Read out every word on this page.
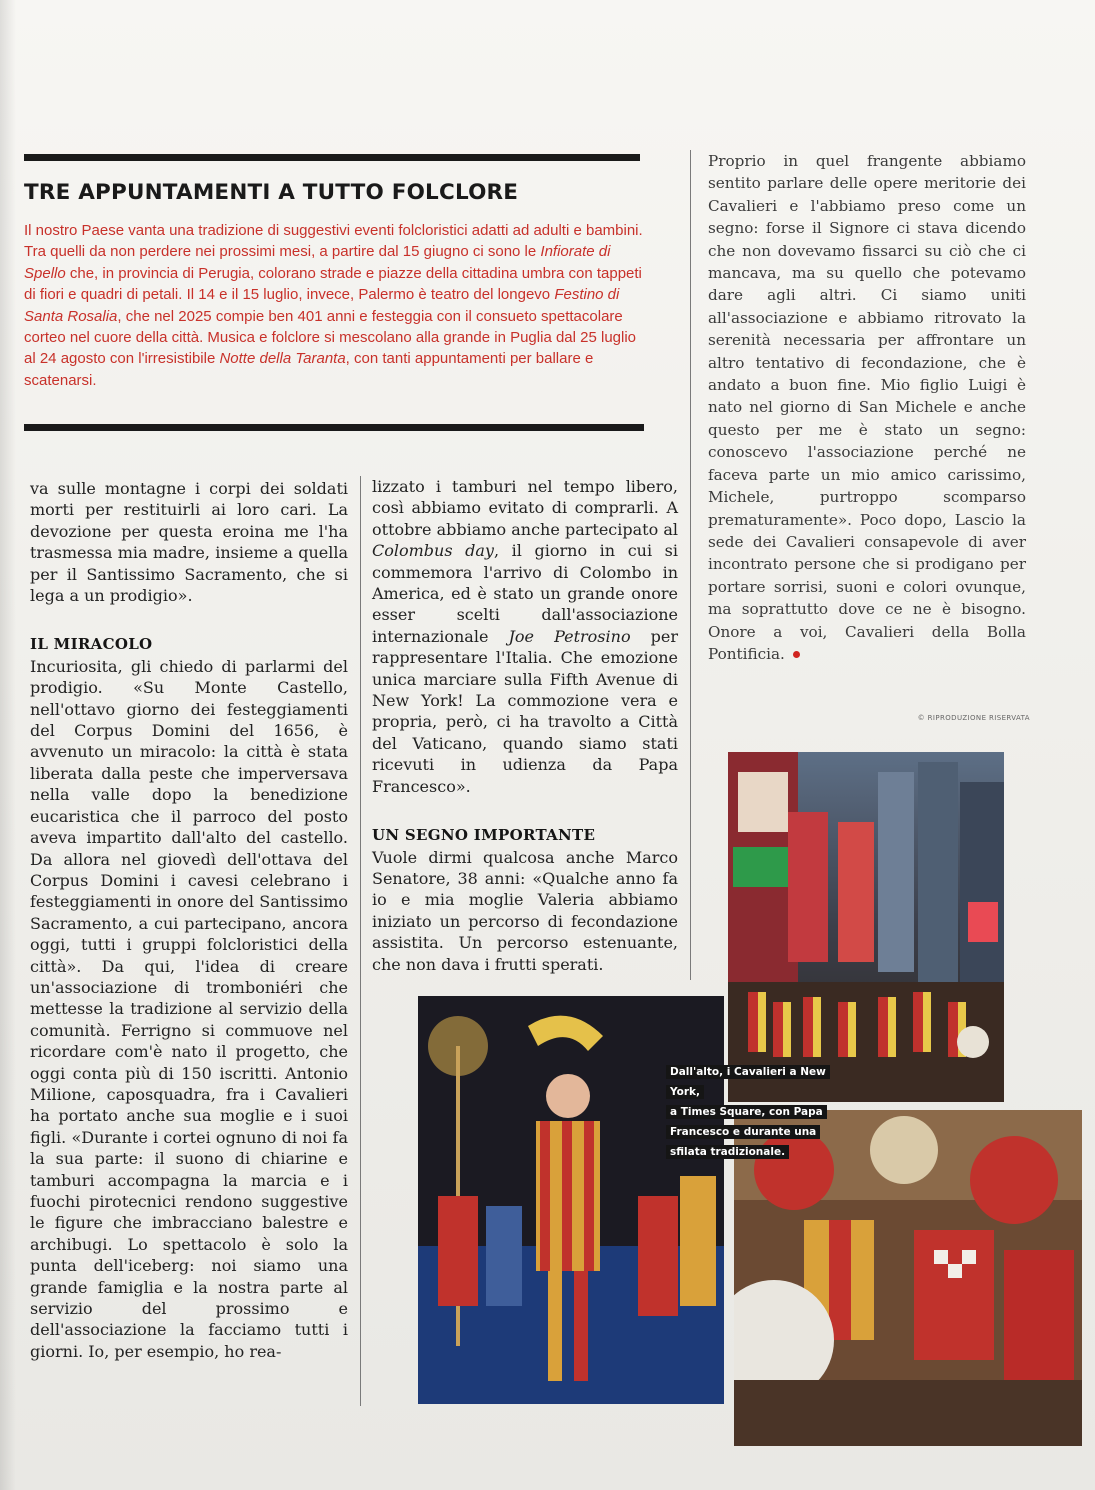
TRE APPUNTAMENTI A TUTTO FOLCLORE

Il nostro Paese vanta una tradizione di suggestivi eventi folcloristici adatti ad adulti e bambini. Tra quelli da non perdere nei prossimi mesi, a partire dal 15 giugno ci sono le Infiorate di Spello che, in provincia di Perugia, colorano strade e piazze della cittadina umbra con tappeti di fiori e quadri di petali. Il 14 e il 15 luglio, invece, Palermo è teatro del longevo Festino di Santa Rosalia, che nel 2025 compie ben 401 anni e festeggia con il consueto spettacolare corteo nel cuore della città. Musica e folclore si mescolano alla grande in Puglia dal 25 luglio al 24 agosto con l'irresistibile Notte della Taranta, con tanti appuntamenti per ballare e scatenarsi.

va sulle montagne i corpi dei soldati morti per restituirli ai loro cari. La devozione per questa eroina me l'ha trasmessa mia madre, insieme a quella per il Santissimo Sacramento, che si lega a un prodigio».

IL MIRACOLO

Incuriosita, gli chiedo di parlarmi del prodigio. «Su Monte Castello, nell'ottavo giorno dei festeggiamenti del Corpus Domini del 1656, è avvenuto un miracolo: la città è stata liberata dalla peste che imperversava nella valle dopo la benedizione eucaristica che il parroco del posto aveva impartito dall'alto del castello. Da allora nel giovedì dell'ottava del Corpus Domini i cavesi celebrano i festeggiamenti in onore del Santissimo Sacramento, a cui partecipano, ancora oggi, tutti i gruppi folcloristici della città». Da qui, l'idea di creare un'associazione di tromboniéri che mettesse la tradizione al servizio della comunità. Ferrigno si commuove nel ricordare com'è nato il progetto, che oggi conta più di 150 iscritti. Antonio Milione, caposquadra, fra i Cavalieri ha portato anche sua moglie e i suoi figli. «Durante i cortei ognuno di noi fa la sua parte: il suono di chiarine e tamburi accompagna la marcia e i fuochi pirotecnici rendono suggestive le figure che imbracciano balestre e archibugi. Lo spettacolo è solo la punta dell'iceberg: noi siamo una grande famiglia e la nostra parte al servizio del prossimo e dell'associazione la facciamo tutti i giorni. Io, per esempio, ho rea-

lizzato i tamburi nel tempo libero, così abbiamo evitato di comprarli. A ottobre abbiamo anche partecipato al Colombus day, il giorno in cui si commemora l'arrivo di Colombo in America, ed è stato un grande onore esser scelti dall'associazione internazionale Joe Petrosino per rappresentare l'Italia. Che emozione unica marciare sulla Fifth Avenue di New York! La commozione vera e propria, però, ci ha travolto a Città del Vaticano, quando siamo stati ricevuti in udienza da Papa Francesco».

UN SEGNO IMPORTANTE

Vuole dirmi qualcosa anche Marco Senatore, 38 anni: «Qualche anno fa io e mia moglie Valeria abbiamo iniziato un percorso di fecondazione assistita. Un percorso estenuante, che non dava i frutti sperati.

Proprio in quel frangente abbiamo sentito parlare delle opere meritorie dei Cavalieri e l'abbiamo preso come un segno: forse il Signore ci stava dicendo che non dovevamo fissarci su ciò che ci mancava, ma su quello che potevamo dare agli altri. Ci siamo uniti all'associazione e abbiamo ritrovato la serenità necessaria per affrontare un altro tentativo di fecondazione, che è andato a buon fine. Mio figlio Luigi è nato nel giorno di San Michele e anche questo per me è stato un segno: conoscevo l'associazione perché ne faceva parte un mio amico carissimo, Michele, purtroppo scomparso prematuramente». Poco dopo, Lascio la sede dei Cavalieri consapevole di aver incontrato persone che si prodigano per portare sorrisi, suoni e colori ovunque, ma soprattutto dove ce ne è bisogno. Onore a voi, Cavalieri della Bolla Pontificia.

© RIPRODUZIONE RISERVATA
Dall'alto, i Cavalieri a New York,
a Times Square, con Papa
Francesco e durante una
sfilata tradizionale.
